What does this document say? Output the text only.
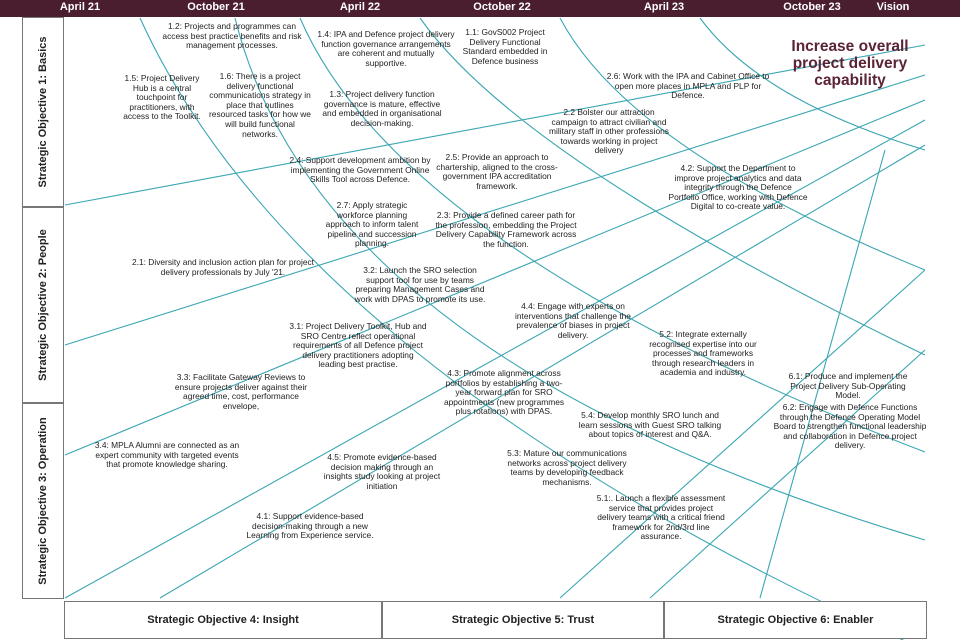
April 21	October 21	April 22	October 22	April 23	October 23	Vision
Strategic Objective 1: Basics
Strategic Objective 2: People
Strategic Objective 3: Operation
Increase overall project delivery capability
1.2: Projects and programmes can access best practice benefits and risk management processes.
1.4: IPA and Defence project delivery function governance arrangements are coherent and mutually supportive.
1.1: GovS002 Project Delivery Functional Standard embedded in Defence business
1.5: Project Delivery Hub is a central touchpoint for practitioners, with access to the Toolkit.
1.6: There is a project delivery functional communications strategy in place that outlines resourced tasks for how we will build functional networks.
1.3: Project delivery function governance is mature, effective and embedded in organisational decision-making.
2.6: Work with the IPA and Cabinet Office to open more places in MPLA and PLP for Defence.
2.2 Bolster our attraction campaign to attract civilian and military staff in other professions towards working in project delivery
2.4: Support development ambition by implementing the Government Online Skills Tool across Defence.
2.5: Provide an approach to chartership, aligned to the cross-government IPA accreditation framework.
4.2: Support the Department to improve project analytics and data integrity through the Defence Portfolio Office, working with Defence Digital to co-create value.
2.7: Apply strategic workforce planning approach to inform talent pipeline and succession planning.
2.3: Provide a defined career path for the profession, embedding the Project Delivery Capability Framework across the function.
2.1: Diversity and inclusion action plan for project delivery professionals by July '21.	3.2: Launch the SRO selection support tool for use by teams preparing Management Cases and work with DPAS to promote its use.
4.4: Engage with experts on interventions that challenge the prevalence of biases in project delivery.
3.1: Project Delivery Toolkit, Hub and SRO Centre reflect operational requirements of all Defence project delivery practitioners adopting leading best practise.
5.2: Integrate externally recognised expertise into our processes and frameworks through research leaders in academia and industry.
3.3: Facilitate Gateway Reviews to ensure projects deliver against their agreed time, cost, performance envelope,
4.3: Promote alignment across portfolios by establishing a two-year forward plan for SRO appointments (new programmes plus rotations) with DPAS.
6.1: Produce and implement the Project Delivery Sub-Operating Model.
5.4: Develop monthly SRO lunch and learn sessions with Guest SRO talking about topics of interest and Q&A.
6.2: Engage with Defence Functions through the Defence Operating Model Board to strengthen functional leadership and collaboration in Defence project delivery.
3.4: MPLA Alumni are connected as an expert community with targeted events that promote knowledge sharing.
4.5: Promote evidence-based decision making through an insights study looking at project initiation
5.3: Mature our communications networks across project delivery teams by developing feedback mechanisms.
5.1:. Launch a flexible assessment service that provides project delivery teams with a critical friend framework for 2nd/3rd line assurance.
4.1: Support evidence-based decision-making through a new Learning from Experience service.
Strategic Objective 4: Insight	Strategic Objective 5: Trust	Strategic Objective 6: Enabler
